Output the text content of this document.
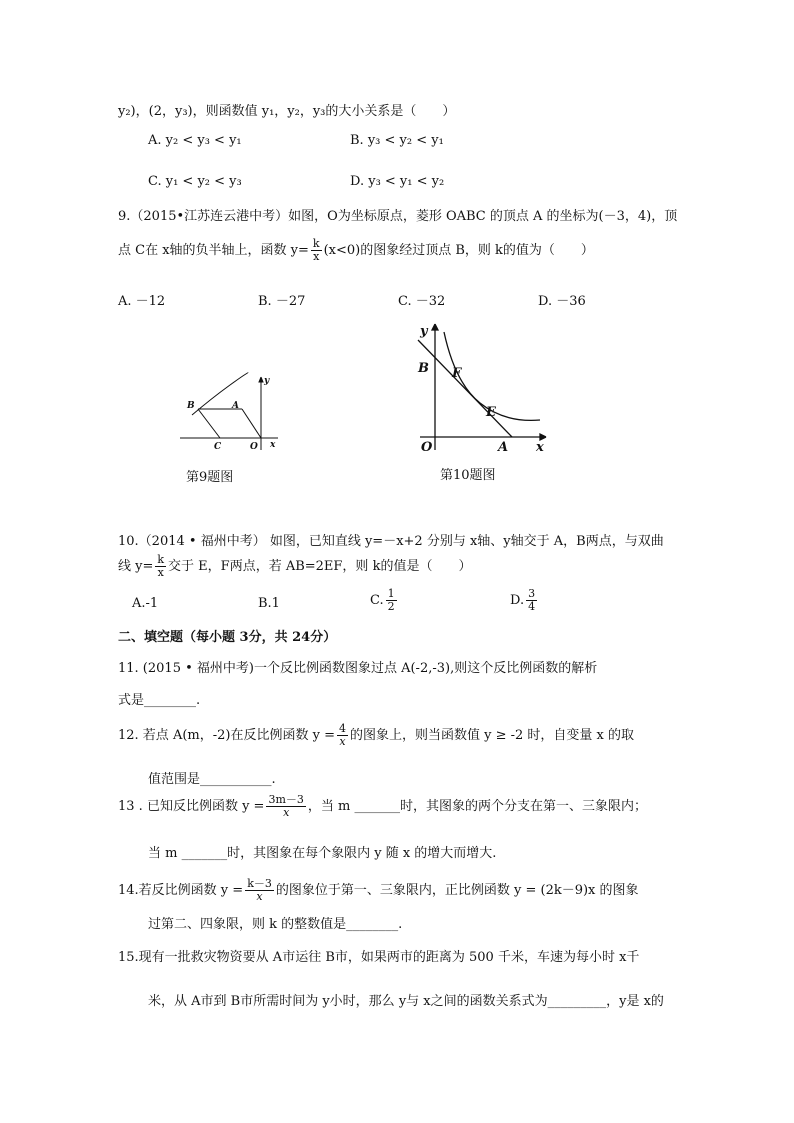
y₂)，(2，y₃)，则函数值 y₁，y₂，y₃的大小关系是（　　）
A. y₂ < y₃ < y₁	B. y₃ < y₂ < y₁
C. y₁ < y₂ < y₃	D. y₃ < y₁ < y₂
9.（2015•江苏连云港中考）如图，O为坐标原点，菱形 OABC 的顶点 A 的坐标为(－3，4)，顶
点 C在 x轴的负半轴上，函数 $y= \frac{k}{x} (x<0)$的图象经过顶点 B，则 k的值为（　　）
A. －12	B. －27	C. －32	D. －36
y
x
B	A
C	O
第9题图
y
x
B F
E
O	A
第10题图
10.（2014 • 福州中考） 如图，已知直线 y=－x+2 分别与 x轴、y轴交于 A，B两点，与双曲
线 $y= \frac{k}{x}$ 交于 E，F两点，若 AB=2EF，则 k的值是（　　）
A.-1	B.1	C. $\frac{1}{2}$	D. $\frac{3}{4}$
二、填空题（每小题 3分，共 24分）
11. (2015 • 福州中考)一个反比例函数图象过点 A(-2,-3),则这个反比例函数的解析
式是________.
12. 若点 A(m，-2)在反比例函数 $y = \frac{4}{x}$ 的图象上，则当函数值 y ≥ -2 时，自变量 x 的取
值范围是___________.
13 . 已知反比例函数 $y = \frac{3m-3}{x}$ ，当 m _______时，其图象的两个分支在第一、三象限内；
当 m _______时，其图象在每个象限内 y 随 x 的增大而增大.
14.若反比例函数 $y = \frac{k-3}{x}$ 的图象位于第一、三象限内，正比例函数 y = (2k－9)x 的图象
过第二、四象限，则 k 的整数值是________.
15.现有一批救灾物资要从 A市运往 B市，如果两市的距离为 500 千米，车速为每小时 x千
米，从 A市到 B市所需时间为 y小时，那么 y与 x之间的函数关系式为_________，y是 x的
